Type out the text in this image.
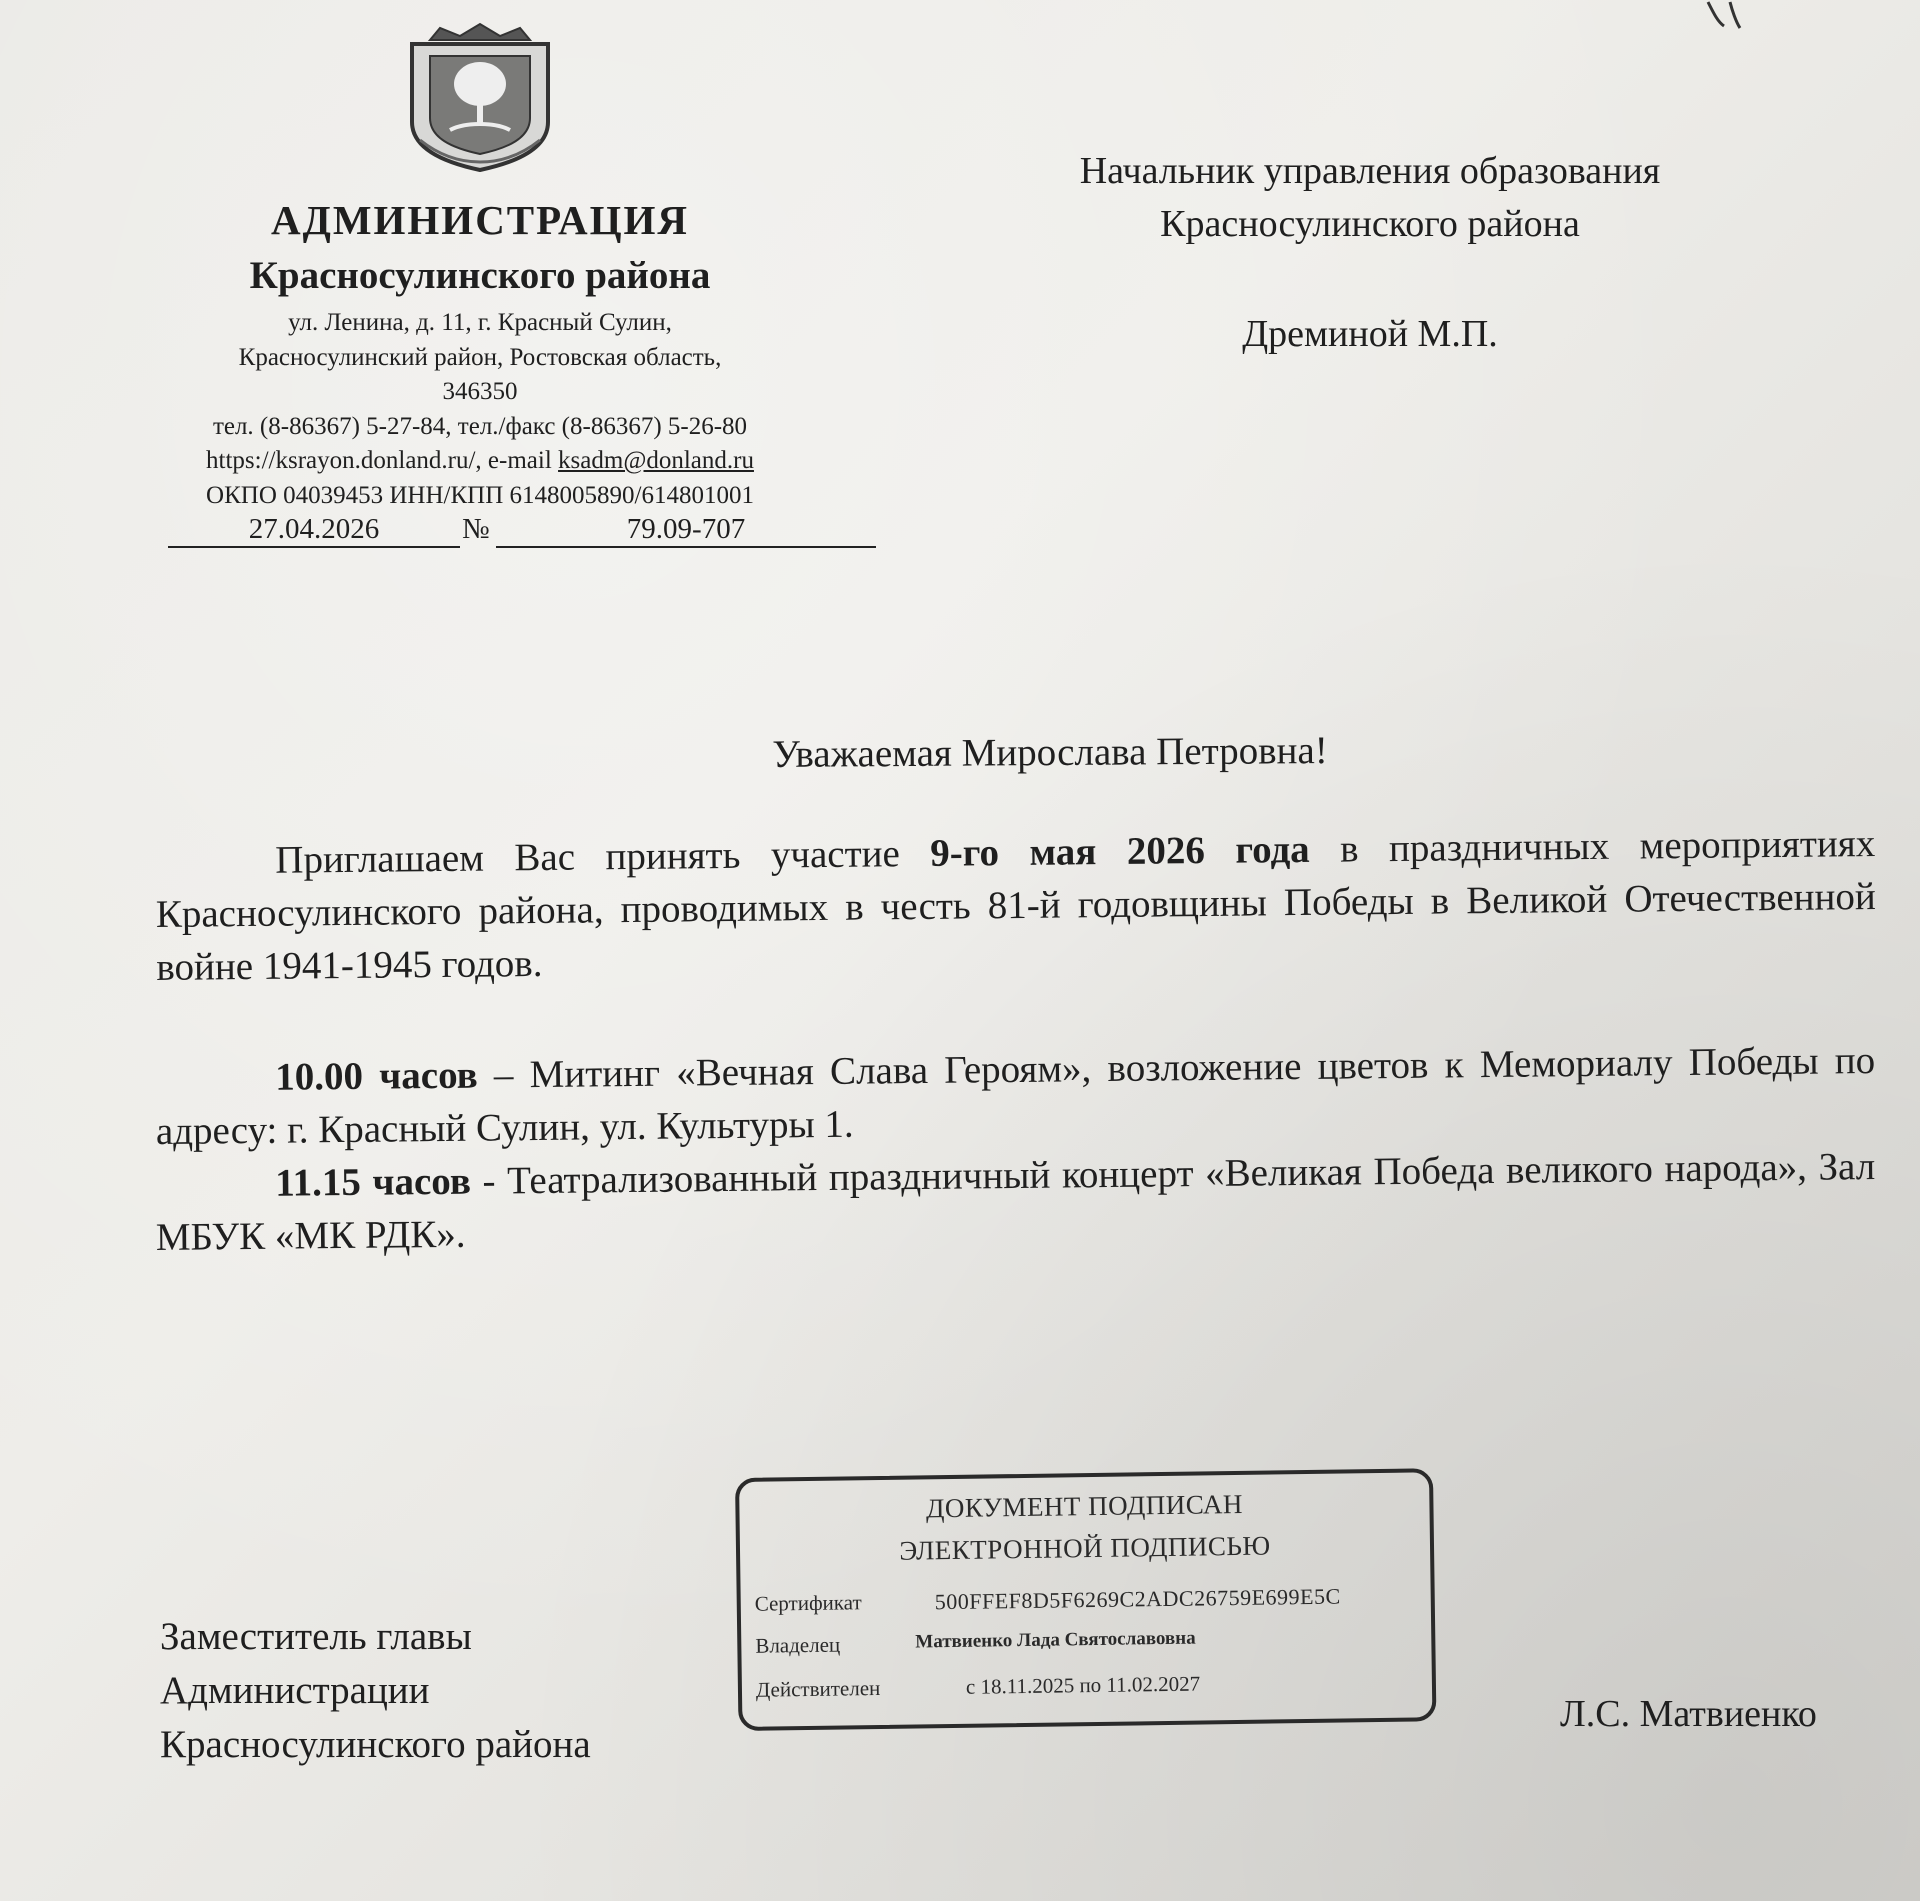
АДМИНИСТРАЦИЯ
Красносулинского района
ул. Ленина, д. 11, г. Красный Сулин,
Красносулинский район, Ростовская область,
346350
тел. (8-86367) 5-27-84, тел./факс (8-86367) 5-26-80
https://ksrayon.donland.ru/, e-mail ksadm@donland.ru
ОКПО 04039453 ИНН/КПП 6148005890/614801001
27.04.2026	№	79.09-707
Начальник управления образования
Красносулинского района
Дреминой М.П.
Уважаемая Мирослава Петровна!
Приглашаем Вас принять участие 9-го мая 2026 года в праздничных мероприятиях Красносулинского района, проводимых в честь 81-й годовщины Победы в Великой Отечественной войне 1941-1945 годов.
10.00 часов – Митинг «Вечная Слава Героям», возложение цветов к Мемориалу Победы по адресу: г. Красный Сулин, ул. Культуры 1.
11.15 часов - Театрализованный праздничный концерт «Великая Победа великого народа», Зал МБУК «МК РДК».
Заместитель главы
Администрации
Красносулинского района
Л.С. Матвиенко
ДОКУМЕНТ ПОДПИСАН
ЭЛЕКТРОННОЙ ПОДПИСЬЮ
Сертификат	500FFEF8D5F6269C2ADC26759E699E5C
Владелец	Матвиенко Лада Святославовна
Действителен	с 18.11.2025 по 11.02.2027
